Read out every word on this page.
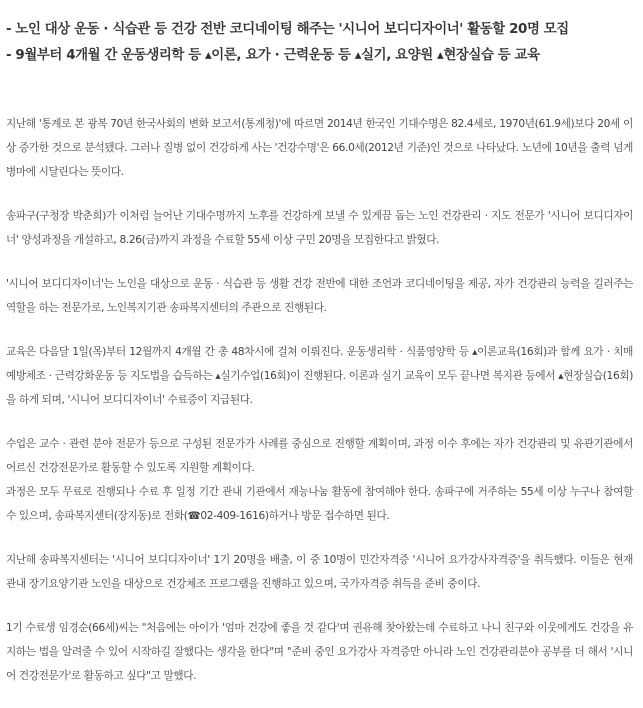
- 노인 대상 운동 · 식습관 등 건강 전반 코디네이팅 해주는 '시니어 보디디자이너' 활동할 20명 모집
- 9월부터 4개월 간 운동생리학 등 ▴이론, 요가 · 근력운동 등 ▴실기, 요양원 ▴현장실습 등 교육

지난해 '통계로 본 광복 70년 한국사회의 변화 보고서(통계청)'에 따르면 2014년 한국인 기대수명은 82.4세로, 1970년(61.9세)보다 20세 이상 증가한 것으로 분석됐다. 그러나 질병 없이 건강하게 사는 '건강수명'은 66.0세(2012년 기준)인 것으로 나타났다. 노년에 10년을 출력 넘게 병마에 시달린다는 뜻이다.

송파구(구청장 박춘희)가 이처럼 늘어난 기대수명까지 노후를 건강하게 보낼 수 있게끔 돕는 노인 건강관리 · 지도 전문가 '시니어 보디디자이너' 양성과정을 개설하고, 8.26(금)까지 과정을 수료할 55세 이상 구민 20명을 모집한다고 밝혔다.

'시니어 보디디자이너'는 노인을 대상으로 운동 · 식습관 등 생활 건강 전반에 대한 조언과 코디네이팅을 제공, 자가 건강관리 능력을 길러주는 역할을 하는 전문가로, 노인복지기관 송파복지센터의 주관으로 진행된다.

교육은 다음달 1일(목)부터 12월까지 4개월 간 총 48차시에 걸쳐 이뤄진다. 운동생리학 · 식품영양학 등 ▴이론교육(16회)과 함께 요가 · 치매예방체조 · 근력강화운동 등 지도법을 습득하는 ▴실기수업(16회)이 진행된다. 이론과 실기 교육이 모두 끝나면 복지관 등에서 ▴현장실습(16회)을 하게 되며, '시니어 보디디자이너' 수료증이 지급된다.

수업은 교수 · 관련 분야 전문가 등으로 구성된 전문가가 사례를 중심으로 진행할 계획이며, 과정 이수 후에는 자가 건강관리 및 유관기관에서 어르신 건강전문가로 활동할 수 있도록 지원할 계획이다.

과정은 모두 무료로 진행되나 수료 후 일정 기간 관내 기관에서 재능나눔 활동에 참여해야 한다. 송파구에 거주하는 55세 이상 누구나 참여할 수 있으며, 송파복지센터(장지동)로 전화(☎02-409-1616)하거나 방문 접수하면 된다.

지난해 송파복지센터는 '시니어 보디디자이너' 1기 20명을 배출, 이 중 10명이 민간자격증 '시니어 요가강사자격증'을 취득했다. 이들은 현재 관내 장기요양기관 노인을 대상으로 건강체조 프로그램을 진행하고 있으며, 국가자격증 취득을 준비 중이다.

1기 수료생 임경순(66세)씨는 "처음에는 아이가 '엄마 건강에 좋을 것 같다'며 권유해 찾아왔는데 수료하고 나니 친구와 이웃에게도 건강을 유지하는 법을 알려줄 수 있어 시작하길 잘했다는 생각을 한다"며 "준비 중인 요가강사 자격증만 아니라 노인 건강관리분야 공부를 더 해서 '시니어 건강전문가'로 활동하고 싶다"고 말했다.
